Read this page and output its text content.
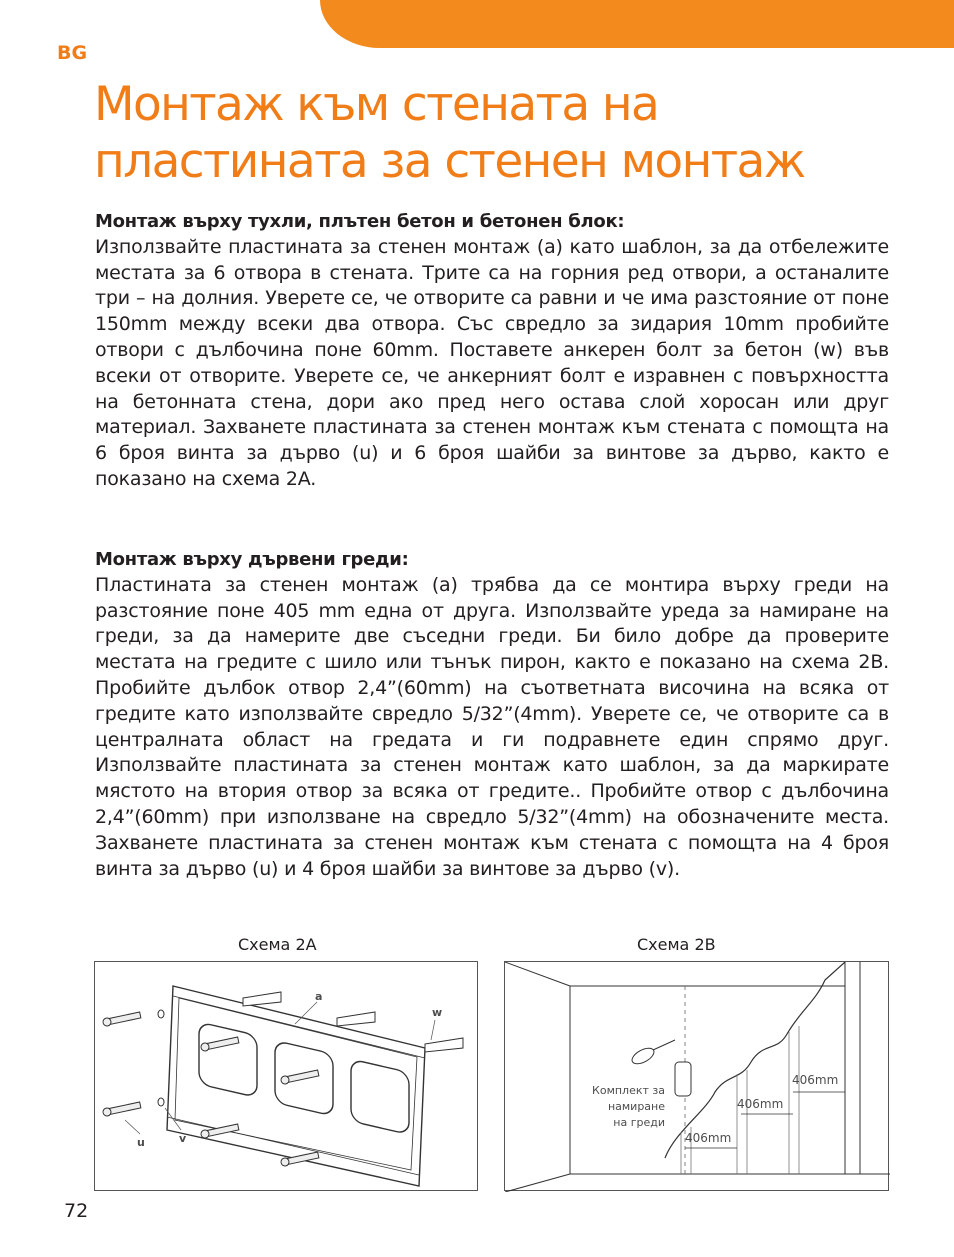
BG
Монтаж към стената на
пластината за стенен монтаж
Монтаж върху тухли, плътен бетон и бетонен блок:

Използвайте пластината за стенен монтаж (a) като шаблон, за да отбележите местата за 6 отвора в стената. Трите са на горния ред отвори, а останалите три – на долния. Уверете се, че отворите са равни и че има разстояние от поне 150mm между всеки два отвора. Със свредло за зидария 10mm пробийте отвори с дълбочина поне 60mm. Поставете анкерен болт за бетон (w) във всеки от отворите. Уверете се, че анкерният болт е изравнен с повърхността на бетонната стена, дори ако пред него остава слой хоросан или друг материал. Захванете пластината за стенен монтаж към стената с помощта на 6 броя винта за дърво (u) и 6 броя шайби за винтове за дърво, както е показано на схема 2A.

Монтаж върху дървени греди:

Пластината за стенен монтаж (a) трябва да се монтира върху греди на разстояние поне 405 mm една от друга. Използвайте уреда за намиране на греди, за да намерите две съседни греди. Би било добре да проверите местата на гредите с шило или тънък пирон, както е показано на схема 2B. Пробийте дълбок отвор 2,4”(60mm) на съответната височина на всяка от гредите като използвайте свредло 5/32”(4mm). Уверете се, че отворите са в централната област на гредата и ги подравнете един спрямо друг. Използвайте пластината за стенен монтаж като шаблон, за да маркирате мястото на втория отвор за всяка от гредите.. Пробийте отвор с дълбочина 2,4”(60mm) при използване на свредло 5/32”(4mm) на обозначените места. Захванете пластината за стенен монтаж към стената с помощта на 4 броя винта за дърво (u) и 4 броя шайби за винтове за дърво (v).

Схема 2A	Схема 2B
a
w
u	v	406mm
406mm
406mm
Комплект за
намиране
на греди
72
